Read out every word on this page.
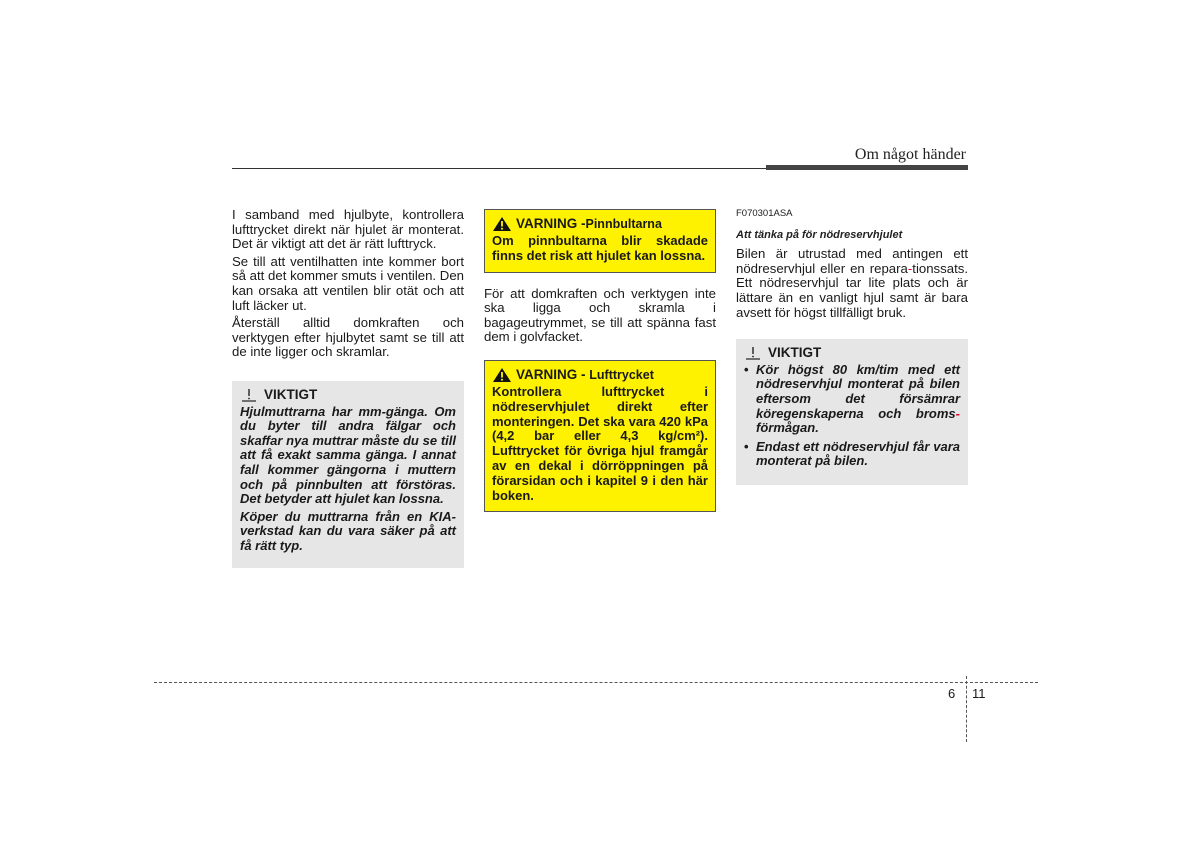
Om något händer

I samband med hjulbyte, kontrollera lufttrycket direkt när hjulet är monterat. Det är viktigt att det är rätt lufttryck.

Se till att ventilhatten inte kommer bort så att det kommer smuts i ventilen. Den kan orsaka att ventilen blir otät och att luft läcker ut.

Återställ alltid domkraften och verktygen efter hjulbytet samt se till att de inte ligger och skramlar.

VIKTIGT

Hjulmuttrarna har mm-gänga. Om du byter till andra fälgar och skaffar nya muttrar måste du se till att få exakt samma gänga. I annat fall kommer gängorna i muttern och på pinnbulten att förstöras. Det betyder att hjulet kan lossna.

Köper du muttrarna från en KIA-verkstad kan du vara säker på att få rätt typ.

VARNING - Pinnbultarna

Om pinnbultarna blir skadade finns det risk att hjulet kan lossna.

För att domkraften och verktygen inte ska ligga och skramla i bagageutrymmet, se till att spänna fast dem i golvfacket.

VARNING -
Lufttrycket

Kontrollera lufttrycket i nödreservhjulet direkt efter monteringen. Det ska vara 420 kPa (4,2 bar eller 4,3 kg/cm²). Lufttrycket för övriga hjul framgår av en dekal i dörröppningen på förarsidan och i kapitel 9 i den här boken.

F070301ASA
Att tänka på för nödreservhjulet

Bilen är utrustad med antingen ett nödreservhjul eller en repara-tionssats. Ett nödreservhjul tar lite plats och är lättare än en vanligt hjul samt är bara avsett för högst tillfälligt bruk.

VIKTIGT
• Kör högst 80 km/tim med ett nödreservhjul monterat på bilen eftersom det försämrar köregenskaperna och broms-förmågan.
• Endast ett nödreservhjul får vara monterat på bilen.
6 11
